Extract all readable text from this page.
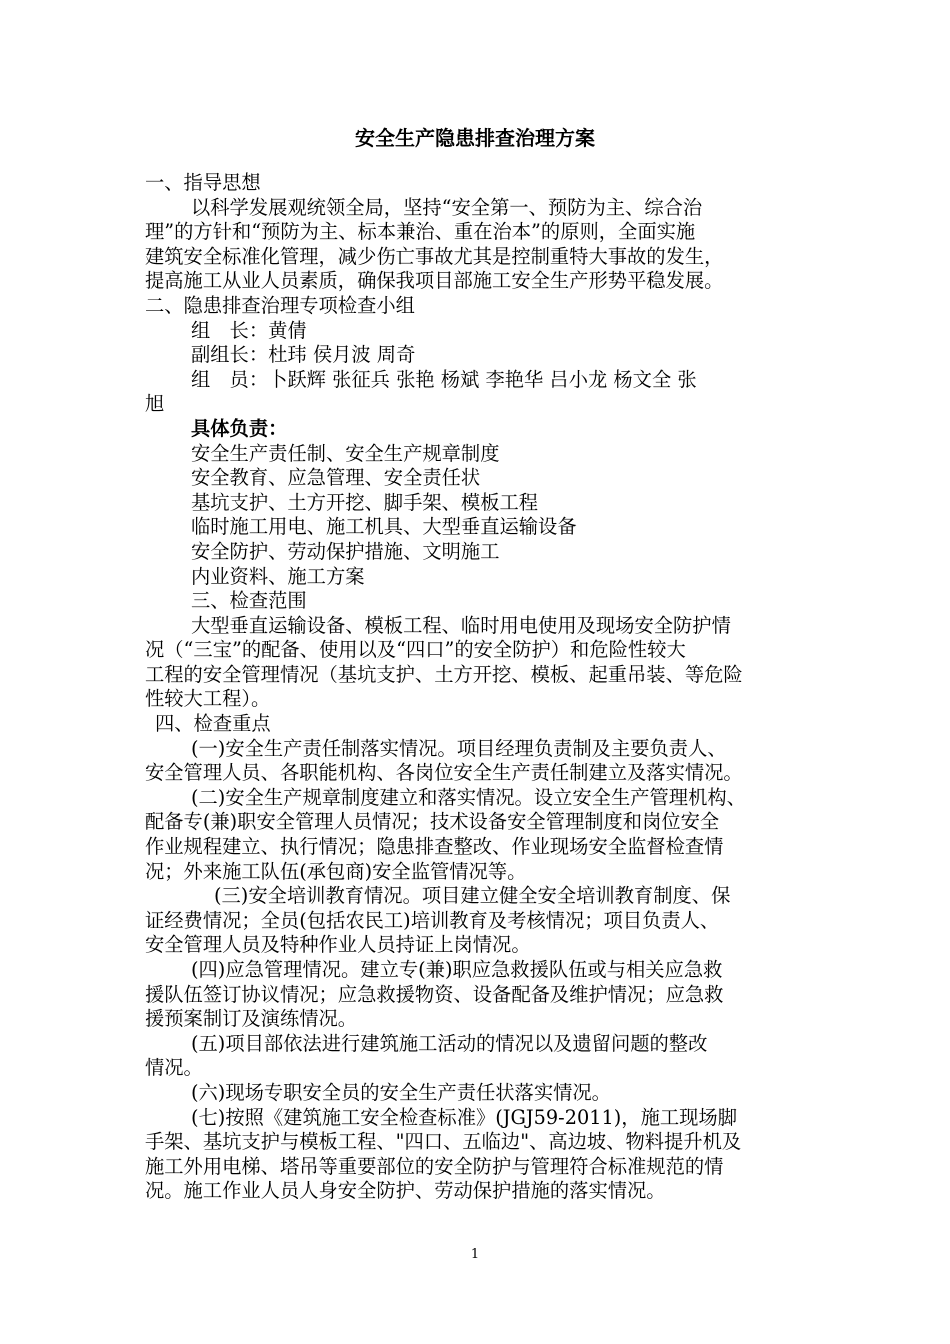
安全生产隐患排查治理方案
一、指导思想
以科学发展观统领全局，坚持“安全第一、预防为主、综合治
理”的方针和“预防为主、标本兼治、重在治本”的原则，全面实施
建筑安全标准化管理，减少伤亡事故尤其是控制重特大事故的发生，
提高施工从业人员素质，确保我项目部施工安全生产形势平稳发展。
二、隐患排查治理专项检查小组
组　长：黄倩
副组长：杜玮 侯月波 周奇
组　员：卜跃辉 张征兵 张艳 杨斌 李艳华 吕小龙 杨文全 张
旭
具体负责：
安全生产责任制、安全生产规章制度
安全教育、应急管理、安全责任状
基坑支护、土方开挖、脚手架、模板工程
临时施工用电、施工机具、大型垂直运输设备
安全防护、劳动保护措施、文明施工
内业资料、施工方案
三、检查范围
大型垂直运输设备、模板工程、临时用电使用及现场安全防护情
况（“三宝”的配备、使用以及“四口”的安全防护）和危险性较大
工程的安全管理情况（基坑支护、土方开挖、模板、起重吊装、等危险
性较大工程）。
四、检查重点
(一)安全生产责任制落实情况。项目经理负责制及主要负责人、
安全管理人员、各职能机构、各岗位安全生产责任制建立及落实情况。
(二)安全生产规章制度建立和落实情况。设立安全生产管理机构、
配备专(兼)职安全管理人员情况；技术设备安全管理制度和岗位安全
作业规程建立、执行情况；隐患排查整改、作业现场安全监督检查情
况；外来施工队伍(承包商)安全监管情况等。
(三)安全培训教育情况。项目建立健全安全培训教育制度、保
证经费情况；全员(包括农民工)培训教育及考核情况；项目负责人、
安全管理人员及特种作业人员持证上岗情况。
(四)应急管理情况。建立专(兼)职应急救援队伍或与相关应急救
援队伍签订协议情况；应急救援物资、设备配备及维护情况；应急救
援预案制订及演练情况。
(五)项目部依法进行建筑施工活动的情况以及遗留问题的整改
情况。
(六)现场专职安全员的安全生产责任状落实情况。
(七)按照《建筑施工安全检查标准》(JGJ59-2011)，施工现场脚
手架、基坑支护与模板工程、"四口、五临边"、高边坡、物料提升机及
施工外用电梯、塔吊等重要部位的安全防护与管理符合标准规范的情
况。施工作业人员人身安全防护、劳动保护措施的落实情况。
1
